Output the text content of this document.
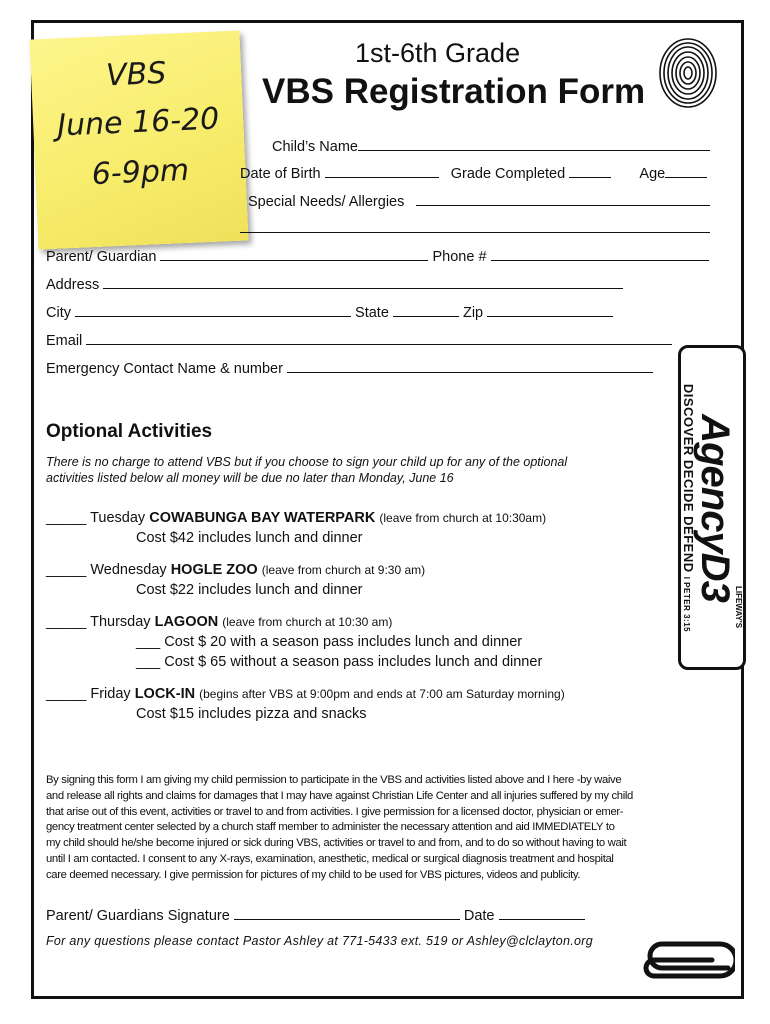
VBS
June 16-20
6-9pm
1st-6th Grade
VBS Registration Form
Child’s Name
Date of Birth	Grade Completed	Age
Special Needs/ Allergies
Parent/ Guardian	Phone #
Address
City	State	Zip
Email
Emergency Contact Name & number
LIFEWAY'S
AgencyD3
DISCOVER DECIDE DEFEND I PETER 3:15
Optional Activities
There is no charge to attend VBS but if you choose to sign your child up for any of the optional
activities listed below all money will be due no later than Monday, June 16
_____ Tuesday COWABUNGA BAY WATERPARK (leave from church at 10:30am)
Cost $42 includes lunch and dinner
_____ Wednesday HOGLE ZOO (leave from church at 9:30 am)
Cost $22 includes lunch and dinner
_____ Thursday LAGOON (leave from church at 10:30 am)
___ Cost $ 20 with a season pass includes lunch and dinner
___ Cost $ 65 without a season pass includes lunch and dinner
_____ Friday LOCK-IN (begins after VBS at 9:00pm and ends at 7:00 am Saturday morning)
Cost $15 includes pizza and snacks
By signing this form I am giving my child permission to participate in the VBS and activities listed above and I here -by waive
and release all rights and claims for damages that I may have against Christian Life Center and all injuries suffered by my child
that arise out of this event, activities or travel to and from activities. I give permission for a licensed doctor, physician or emer-
gency treatment center selected by a church staff member to administer the necessary attention and aid IMMEDIATELY to
my child should he/she become injured or sick during VBS, activities or travel to and from, and to do so without having to wait
until I am contacted. I consent to any X-rays, examination, anesthetic, medical or surgical diagnosis treatment and hospital
care deemed necessary. I give permission for pictures of my child to be used for VBS pictures, videos and publicity.
Parent/ Guardians Signature	Date
For any questions please contact Pastor Ashley at 771-5433 ext. 519 or Ashley@clclayton.org
